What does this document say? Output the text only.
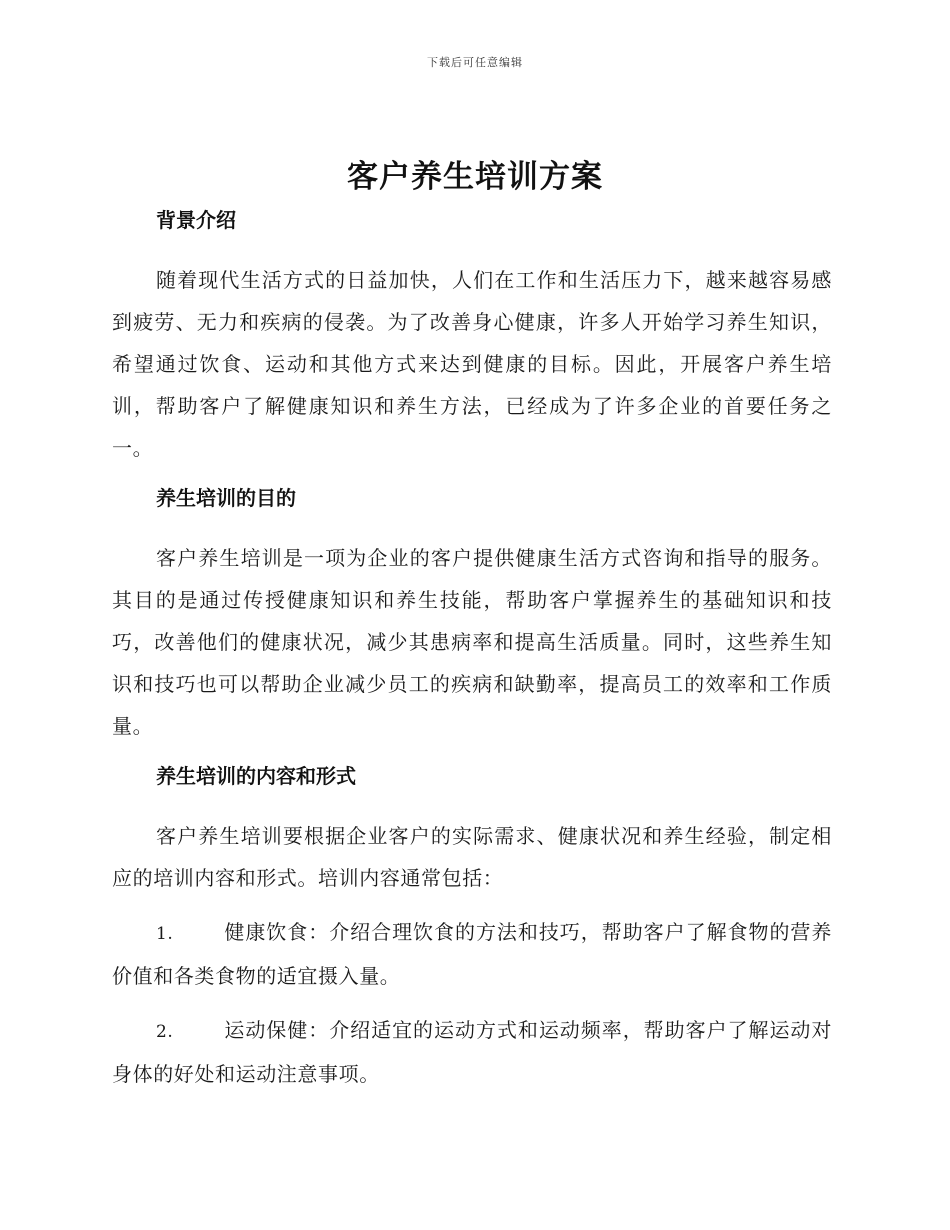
下载后可任意编辑
客户养生培训方案
背景介绍

随着现代生活方式的日益加快，人们在工作和生活压力下，越来越容易感到疲劳、无力和疾病的侵袭。为了改善身心健康，许多人开始学习养生知识，希望通过饮食、运动和其他方式来达到健康的目标。因此，开展客户养生培训，帮助客户了解健康知识和养生方法，已经成为了许多企业的首要任务之一。

养生培训的目的

客户养生培训是一项为企业的客户提供健康生活方式咨询和指导的服务。其目的是通过传授健康知识和养生技能，帮助客户掌握养生的基础知识和技巧，改善他们的健康状况，减少其患病率和提高生活质量。同时，这些养生知识和技巧也可以帮助企业减少员工的疾病和缺勤率，提高员工的效率和工作质量。

养生培训的内容和形式

客户养生培训要根据企业客户的实际需求、健康状况和养生经验，制定相应的培训内容和形式。培训内容通常包括：

1.	健康饮食：介绍合理饮食的方法和技巧，帮助客户了解食物的营养价值和各类食物的适宜摄入量。
2.	运动保健：介绍适宜的运动方式和运动频率，帮助客户了解运动对身体的好处和运动注意事项。
